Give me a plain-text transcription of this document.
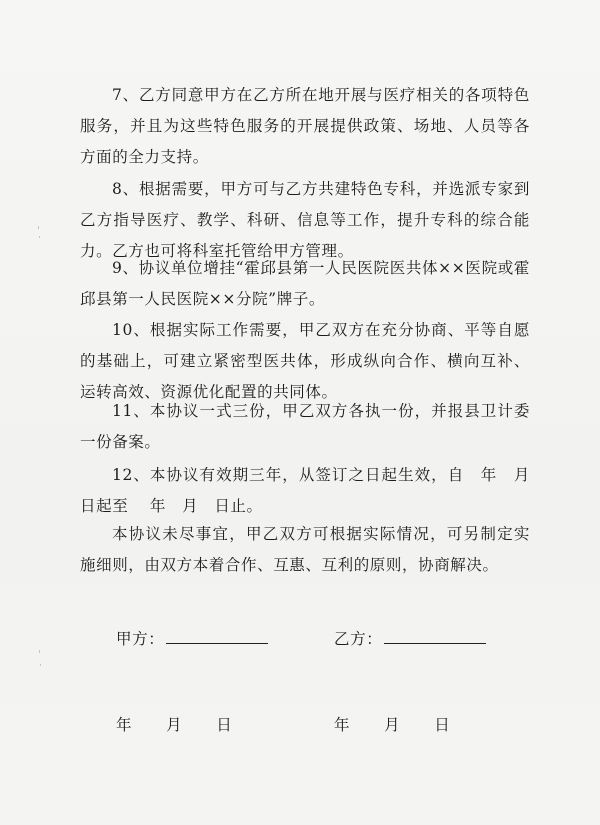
7、乙方同意甲方在乙方所在地开展与医疗相关的各项特色服务，并且为这些特色服务的开展提供政策、场地、人员等各方面的全力支持。

8、根据需要，甲方可与乙方共建特色专科，并选派专家到乙方指导医疗、教学、科研、信息等工作，提升专科的综合能力。乙方也可将科室托管给甲方管理。

9、协议单位增挂“霍邱县第一人民医院医共体××医院或霍邱县第一人民医院××分院”牌子。

10、根据实际工作需要，甲乙双方在充分协商、平等自愿的基础上，可建立紧密型医共体，形成纵向合作、横向互补、运转高效、资源优化配置的共同体。

11、本协议一式三份，甲乙双方各执一份，并报县卫计委一份备案。

12、本协议有效期三年，从签订之日起生效，自　年　月日起至　 年　月　日止。

本协议未尽事宜，甲乙双方可根据实际情况，可另制定实施细则，由双方本着合作、互惠、互利的原则，协商解决。

甲方：	乙方：
年 月 日	年 月 日
